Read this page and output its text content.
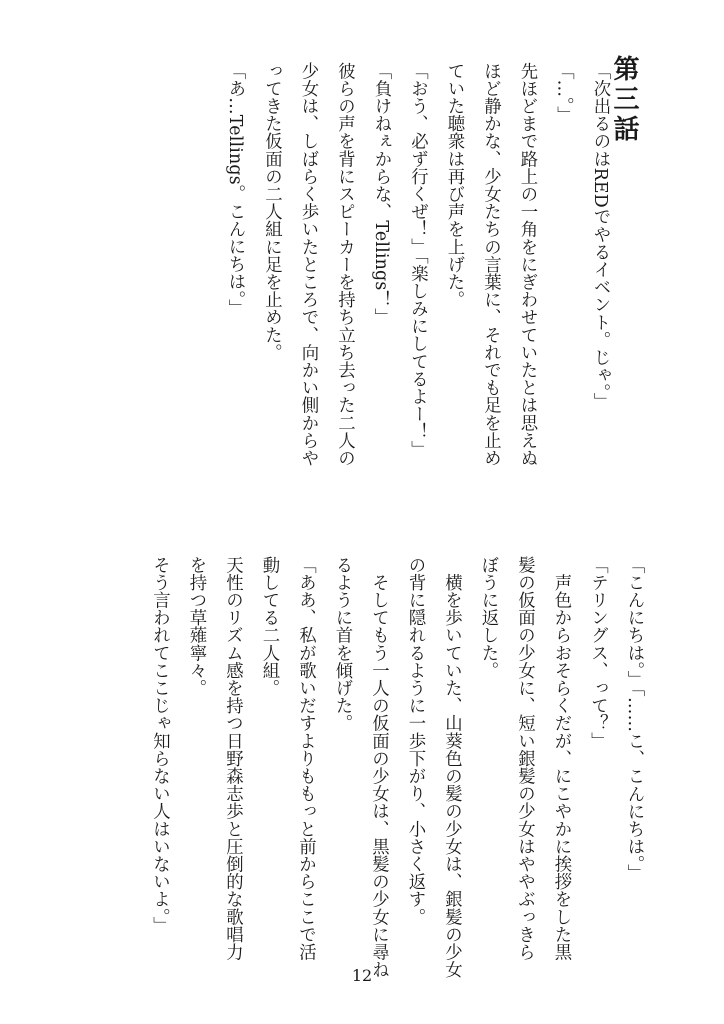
第三話
「次出るのはREDでやるイベント。じゃ。」
「…。」
先ほどまで路上の一角をにぎわせていたとは思えぬ
ほど静かな、少女たちの言葉に、それでも足を止め
ていた聴衆は再び声を上げた。
「おう、必ず行くぜ！」「楽しみにしてるよー！」
「負けねぇからな、Tellings！」
彼らの声を背にスピーカーを持ち立ち去った二人の
少女は、しばらく歩いたところで、向かい側からや
ってきた仮面の二人組に足を止めた。
「あ…Tellings。こんにちは。」
「こんにちは。」「……こ、こんにちは。」
「テリングス、って？」
　声色からおそらくだが、にこやかに挨拶をした黒
髪の仮面の少女に、短い銀髪の少女はややぶっきら
ぼうに返した。
　横を歩いていた、山葵色の髪の少女は、銀髪の少女
の背に隠れるように一歩下がり、小さく返す。
　そしてもう一人の仮面の少女は、黒髪の少女に尋ね
るように首を傾げた。
「ああ、私が歌いだすよりももっと前からここで活
動してる二人組。
天性のリズム感を持つ日野森志歩と圧倒的な歌唱力
を持つ草薙寧々。
そう言われてここじゃ知らない人はいないよ。」
12
